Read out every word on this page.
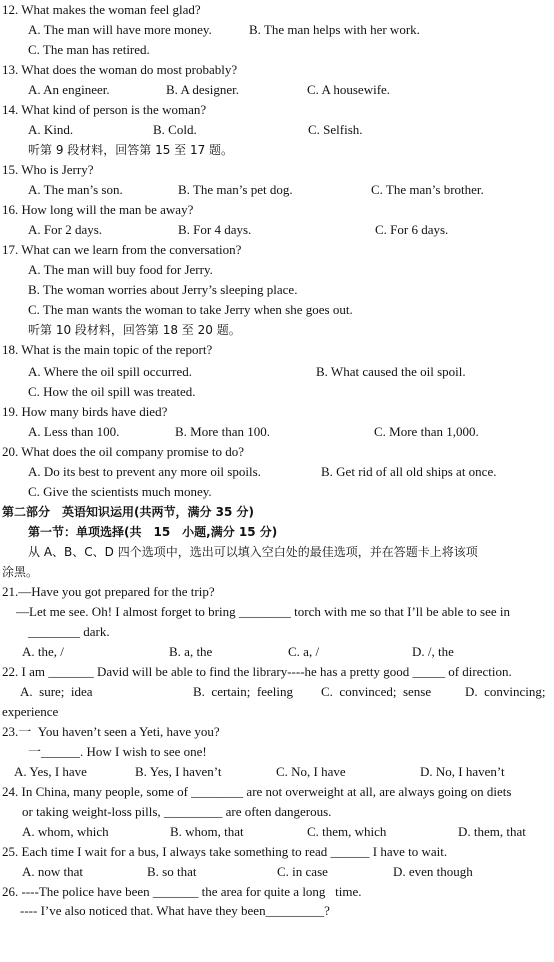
12. What makes the woman feel glad?

A. The man will have more money.

	B. The man helps with her work.

C. The man has retired.
13. What does the woman do most probably?

A. An engineer.

	B. A designer.

	C. A housewife.

14. What kind of person is the woman?

A. Kind.

	B. Cold.

	C. Selfish.

听第 9 段材料，回答第 15 至 17 题。
15. Who is Jerry?

A. The man’s son.

	B. The man’s pet dog.

	C. The man’s brother.

16. How long will the man be away?

A. For 2 days.

	B. For 4 days.

	C. For 6 days.

17. What can we learn from the conversation?
A. The man will buy food for Jerry.
B. The woman worries about Jerry’s sleeping place.
C. The man wants the woman to take Jerry when she goes out.
听第 10 段材料，回答第 18 至 20 题。
18. What is the main topic of the report?

A. Where the oil spill occurred.

	B. What caused the oil spoil.

C. How the oil spill was treated.
19. How many birds have died?

A. Less than 100.

	B. More than 100.

	C. More than 1,000.

20. What does the oil company promise to do?

A. Do its best to prevent any more oil spoils.

	B. Get rid of all old ships at once.

C. Give the scientists much money.
第二部分　英语知识运用(共两节，满分 35 分)
第一节：单项选择(共　15　小题,满分 15 分)
从 A、B、C、D 四个选项中，选出可以填入空白处的最佳选项，并在答题卡上将该项
涂黑。
21.—Have you got prepared for the trip?
—Let me see. Oh! I almost forget to bring ________ torch with me so that I’ll be able to see in
________ dark.

A. the, /

	B. a, the

	C. a, /

	D. /, the

22. I am _______ David will be able to find the library----he has a pretty good _____ of direction.

A.  sure;  idea

	B.  certain;  feeling

C.  convinced;  sense

	D.  convincing;

experience
23.一  You haven’t seen a Yeti, have you?
一______. How I wish to see one!

A. Yes, I have

	B. Yes, I haven’t

	C. No, I have

	D. No, I haven’t

24. In China, many people, some of ________ are not overweight at all, are always going on diets
or taking weight-loss pills, _________ are often dangerous.

A. whom, which

	B. whom, that

	C. them, which

	D. them, that

25. Each time I wait for a bus, I always take something to read ______ I have to wait.

A. now that

	B. so that

	C. in case

	D. even though

26. ----The police have been _______ the area for quite a long   time.
---- I’ve also noticed that. What have they been_________?
